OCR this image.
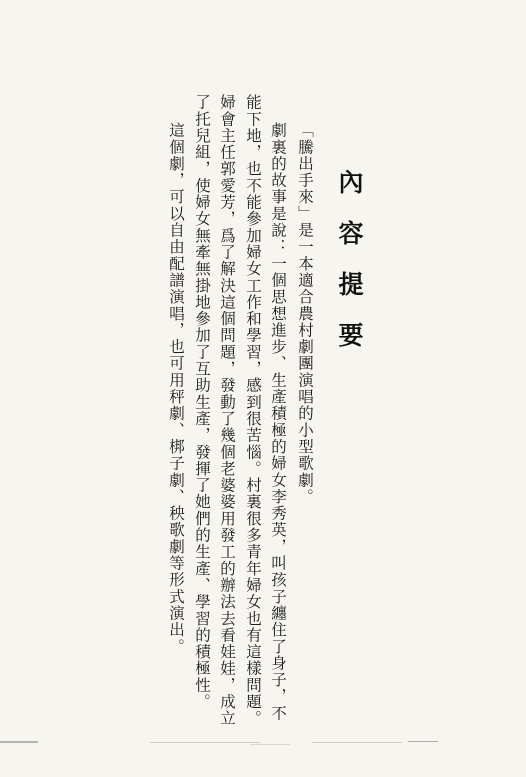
內
容
提
要
「騰出手來」是一本適合農村劇團演唱的小型歌劇。
劇裏的故事是說：一個思想進步、生產積極的婦女李秀英，叫孩子纏住了身子，不
能下地，也不能參加婦女工作和學習，感到很苦惱。村裏很多青年婦女也有這樣問題。
婦會主任郭愛芳，爲了解決這個問題，發動了幾個老婆婆用發工的辦法去看娃娃，成立
了托兒組，使婦女無牽無掛地參加了互助生產，發揮了她們的生產、學習的積極性。
這個劇，可以自由配譜演唱，也可用秤劇、梆子劇、秧歌劇等形式演出。
